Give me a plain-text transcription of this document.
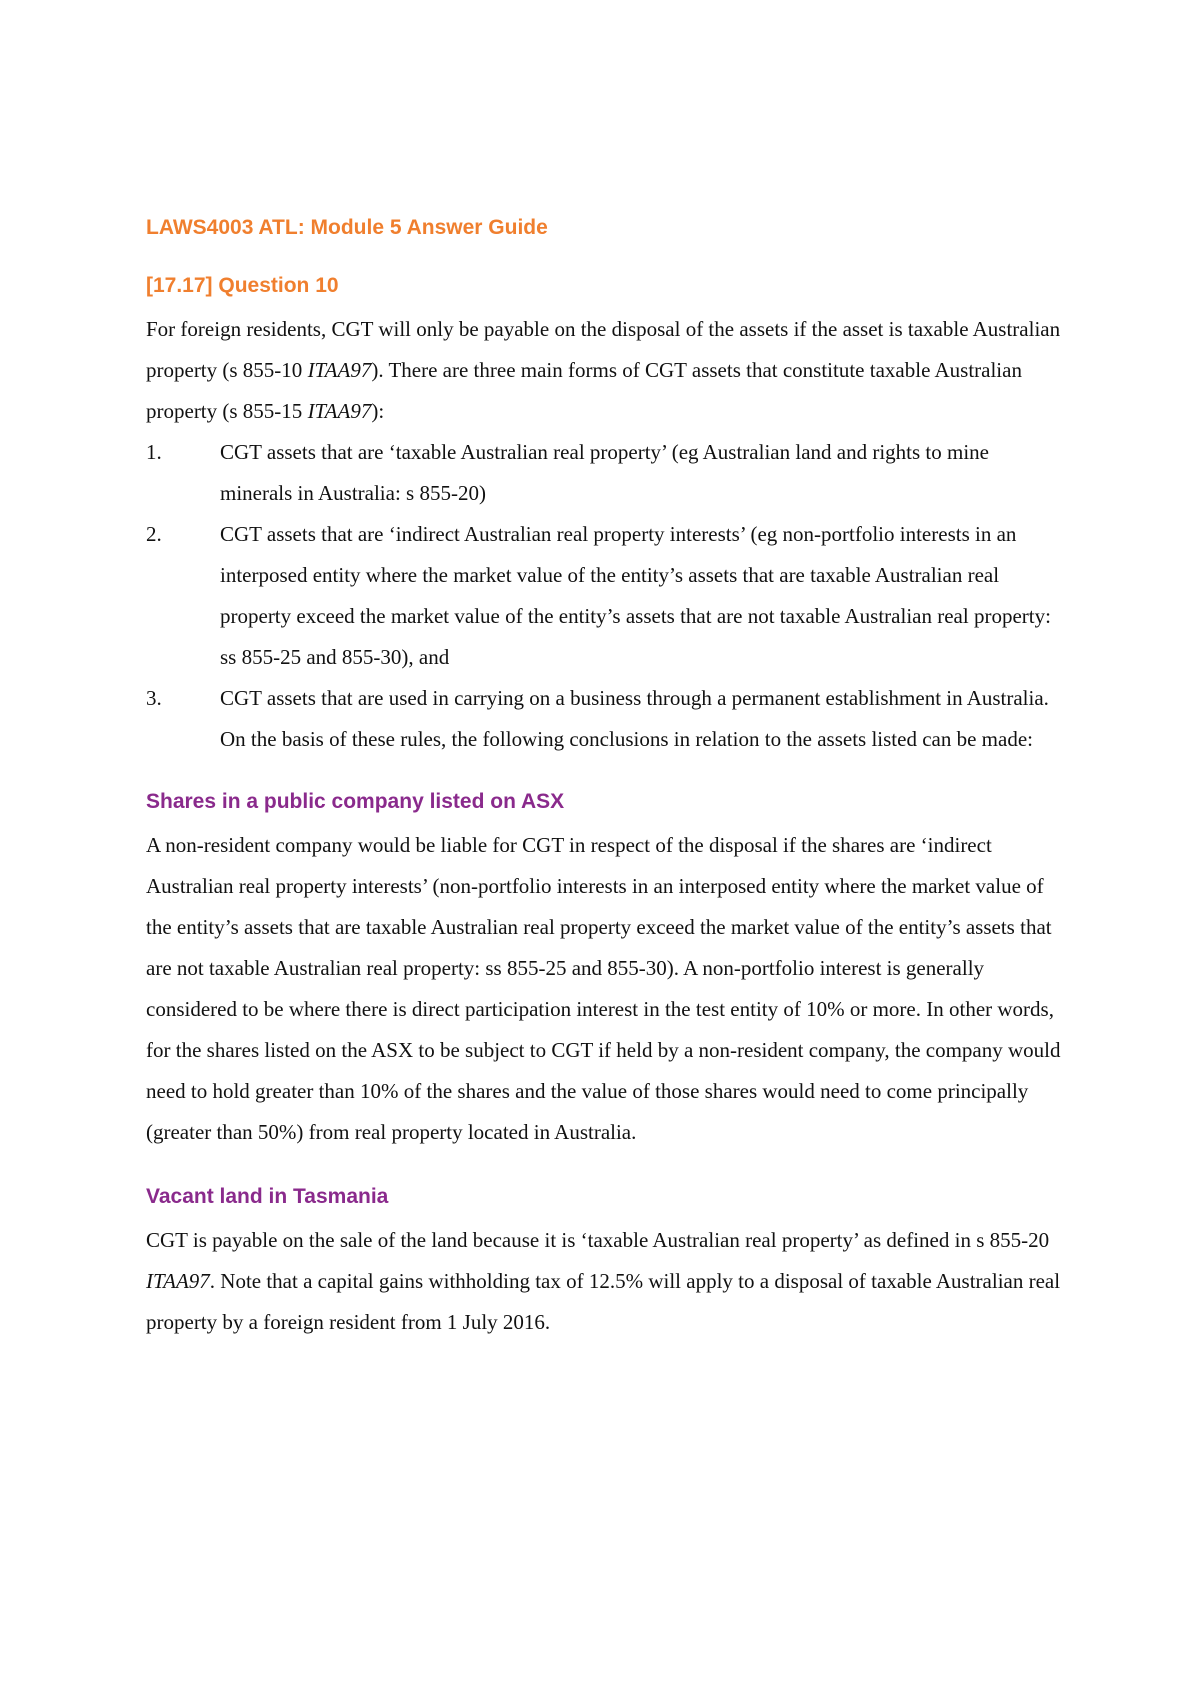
LAWS4003 ATL: Module 5 Answer Guide
[17.17] Question 10

For foreign residents, CGT will only be payable on the disposal of the assets if the asset is taxable Australian property (s 855-10 ITAA97). There are three main forms of CGT assets that constitute taxable Australian property (s 855-15 ITAA97):

1.	CGT assets that are ‘taxable Australian real property’ (eg Australian land and rights to mine minerals in Australia: s 855-20)
2.	CGT assets that are ‘indirect Australian real property interests’ (eg non-portfolio interests in an interposed entity where the market value of the entity’s assets that are taxable Australian real property exceed the market value of the entity’s assets that are not taxable Australian real property: ss 855-25 and 855-30), and
3.	CGT assets that are used in carrying on a business through a permanent establishment in Australia.

On the basis of these rules, the following conclusions in relation to the assets listed can be made:

Shares in a public company listed on ASX

A non-resident company would be liable for CGT in respect of the disposal if the shares are ‘indirect Australian real property interests’ (non-portfolio interests in an interposed entity where the market value of the entity’s assets that are taxable Australian real property exceed the market value of the entity’s assets that are not taxable Australian real property: ss 855-25 and 855-30). A non-portfolio interest is generally considered to be where there is direct participation interest in the test entity of 10% or more. In other words, for the shares listed on the ASX to be subject to CGT if held by a non-resident company, the company would need to hold greater than 10% of the shares and the value of those shares would need to come principally (greater than 50%) from real property located in Australia.

Vacant land in Tasmania

CGT is payable on the sale of the land because it is ‘taxable Australian real property’ as defined in s 855-20 ITAA97. Note that a capital gains withholding tax of 12.5% will apply to a disposal of taxable Australian real property by a foreign resident from 1 July 2016.
